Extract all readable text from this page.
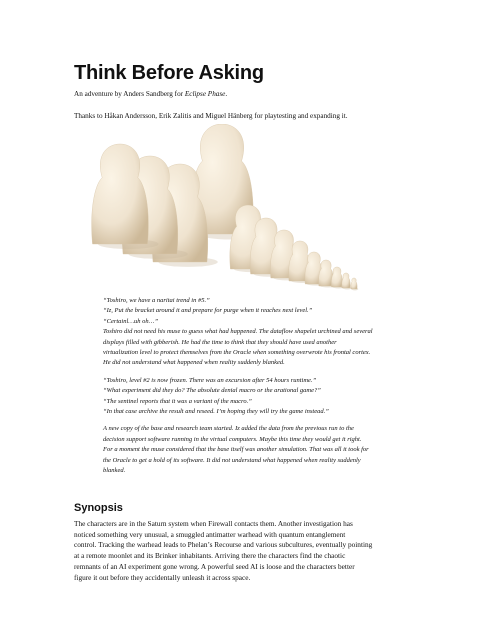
Think Before Asking

An adventure by Anders Sandberg for Eclipse Phase.

Thanks to Håkan Andersson, Erik Zalitis and Miguel Hänberg for playtesting and expanding it.

“Toshiro, we have a naritai trend in #5.”

“Iz, Put the bracket around it and prepare for purge when it reaches next level.”

“Certainl…uh oh…”

Toshiro did not need his muse to guess what had happened. The dataflow shapelet urchined and several

displays filled with gibberish. He had the time to think that they should have used another

virtualization level to protect themselves from the Oracle when something overwrote his frontal cortex.

He did not understand what happened when reality suddenly blanked.

“Toshiro, level #2 is now frozen. There was an excursion after 54 hours runtime.”

“What experiment did they do? The absolute denial macro or the arational game?”

“The sentinel reports that it was a variant of the macro.”

“In that case archive the result and reseed. I’m hoping they will try the game instead.”

A new copy of the base and research team started. Iz added the data from the previous run to the

decision support software running in the virtual computers. Maybe this time they would get it right.

For a moment the muse considered that the base itself was another simulation. That was all it took for

the Oracle to get a hold of its software. It did not understand what happened when reality suddenly

blanked.

Synopsis
The characters are in the Saturn system when Firewall contacts them. Another investigation has
noticed something very unusual, a smuggled antimatter warhead with quantum entanglement
control. Tracking the warhead leads to Phelan’s Recourse and various subcultures, eventually pointing
at a remote moonlet and its Brinker inhabitants. Arriving there the characters find the chaotic
remnants of an AI experiment gone wrong. A powerful seed AI is loose and the characters better
figure it out before they accidentally unleash it across space.
